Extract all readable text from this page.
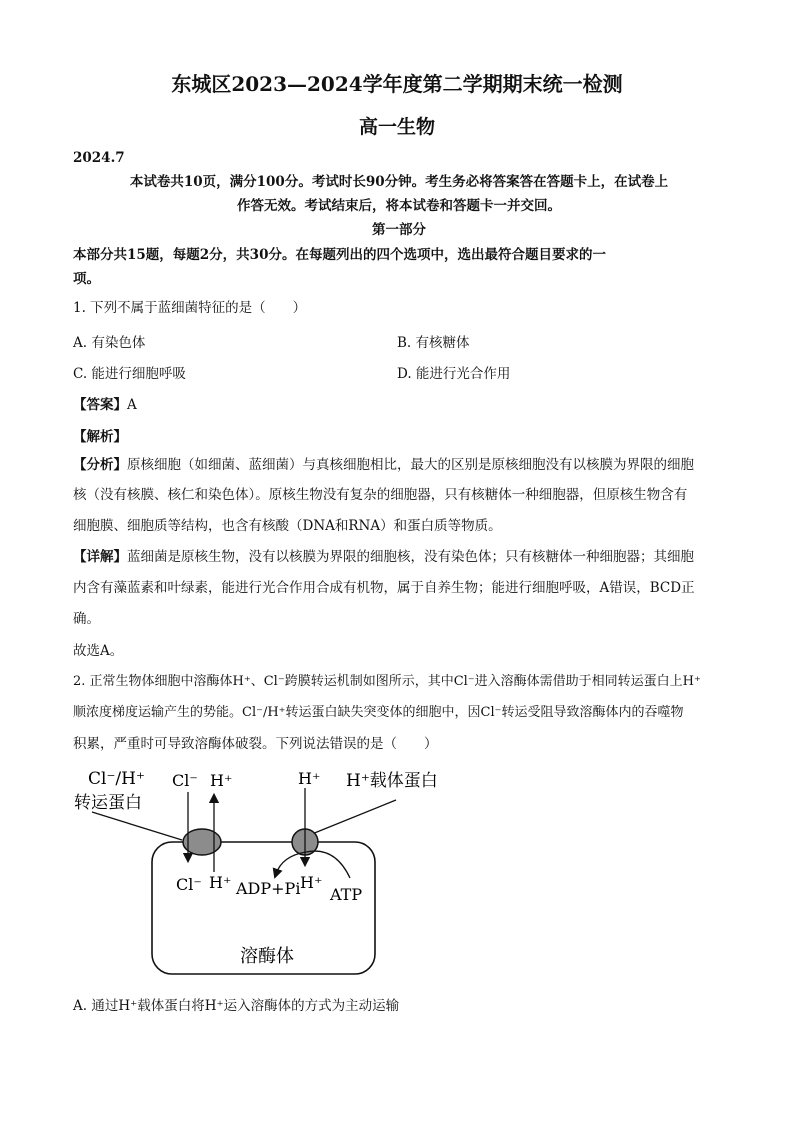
东城区2023—2024学年度第二学期期末统一检测
高一生物
2024.7
本试卷共10页，满分100分。考试时长90分钟。考生务必将答案答在答题卡上，在试卷上
作答无效。考试结束后，将本试卷和答题卡一并交回。
第一部分
本部分共15题，每题2分，共30分。在每题列出的四个选项中，选出最符合题目要求的一
项。
1. 下列不属于蓝细菌特征的是（　　）
A. 有染色体	B. 有核糖体
C. 能进行细胞呼吸	D. 能进行光合作用
【答案】A
【解析】
【分析】原核细胞（如细菌、蓝细菌）与真核细胞相比，最大的区别是原核细胞没有以核膜为界限的细胞
核（没有核膜、核仁和染色体）。原核生物没有复杂的细胞器，只有核糖体一种细胞器，但原核生物含有
细胞膜、细胞质等结构，也含有核酸（DNA和RNA）和蛋白质等物质。
【详解】蓝细菌是原核生物，没有以核膜为界限的细胞核，没有染色体；只有核糖体一种细胞器；其细胞
内含有藻蓝素和叶绿素，能进行光合作用合成有机物，属于自养生物；能进行细胞呼吸，A错误，BCD正
确。
故选A。
2. 正常生物体细胞中溶酶体H⁺、Cl⁻跨膜转运机制如图所示，其中Cl⁻进入溶酶体需借助于相同转运蛋白上H⁺
顺浓度梯度运输产生的势能。Cl⁻/H⁺转运蛋白缺失突变体的细胞中，因Cl⁻转运受阻导致溶酶体内的吞噬物
积累，严重时可导致溶酶体破裂。下列说法错误的是（　　）
Cl⁻/H⁺
转运蛋白
Cl⁻ H⁺	H⁺ H⁺载体蛋白
Cl⁻ H⁺ ADP+Pi H⁺
ATP
溶酶体
A. 通过H⁺载体蛋白将H⁺运入溶酶体的方式为主动运输
